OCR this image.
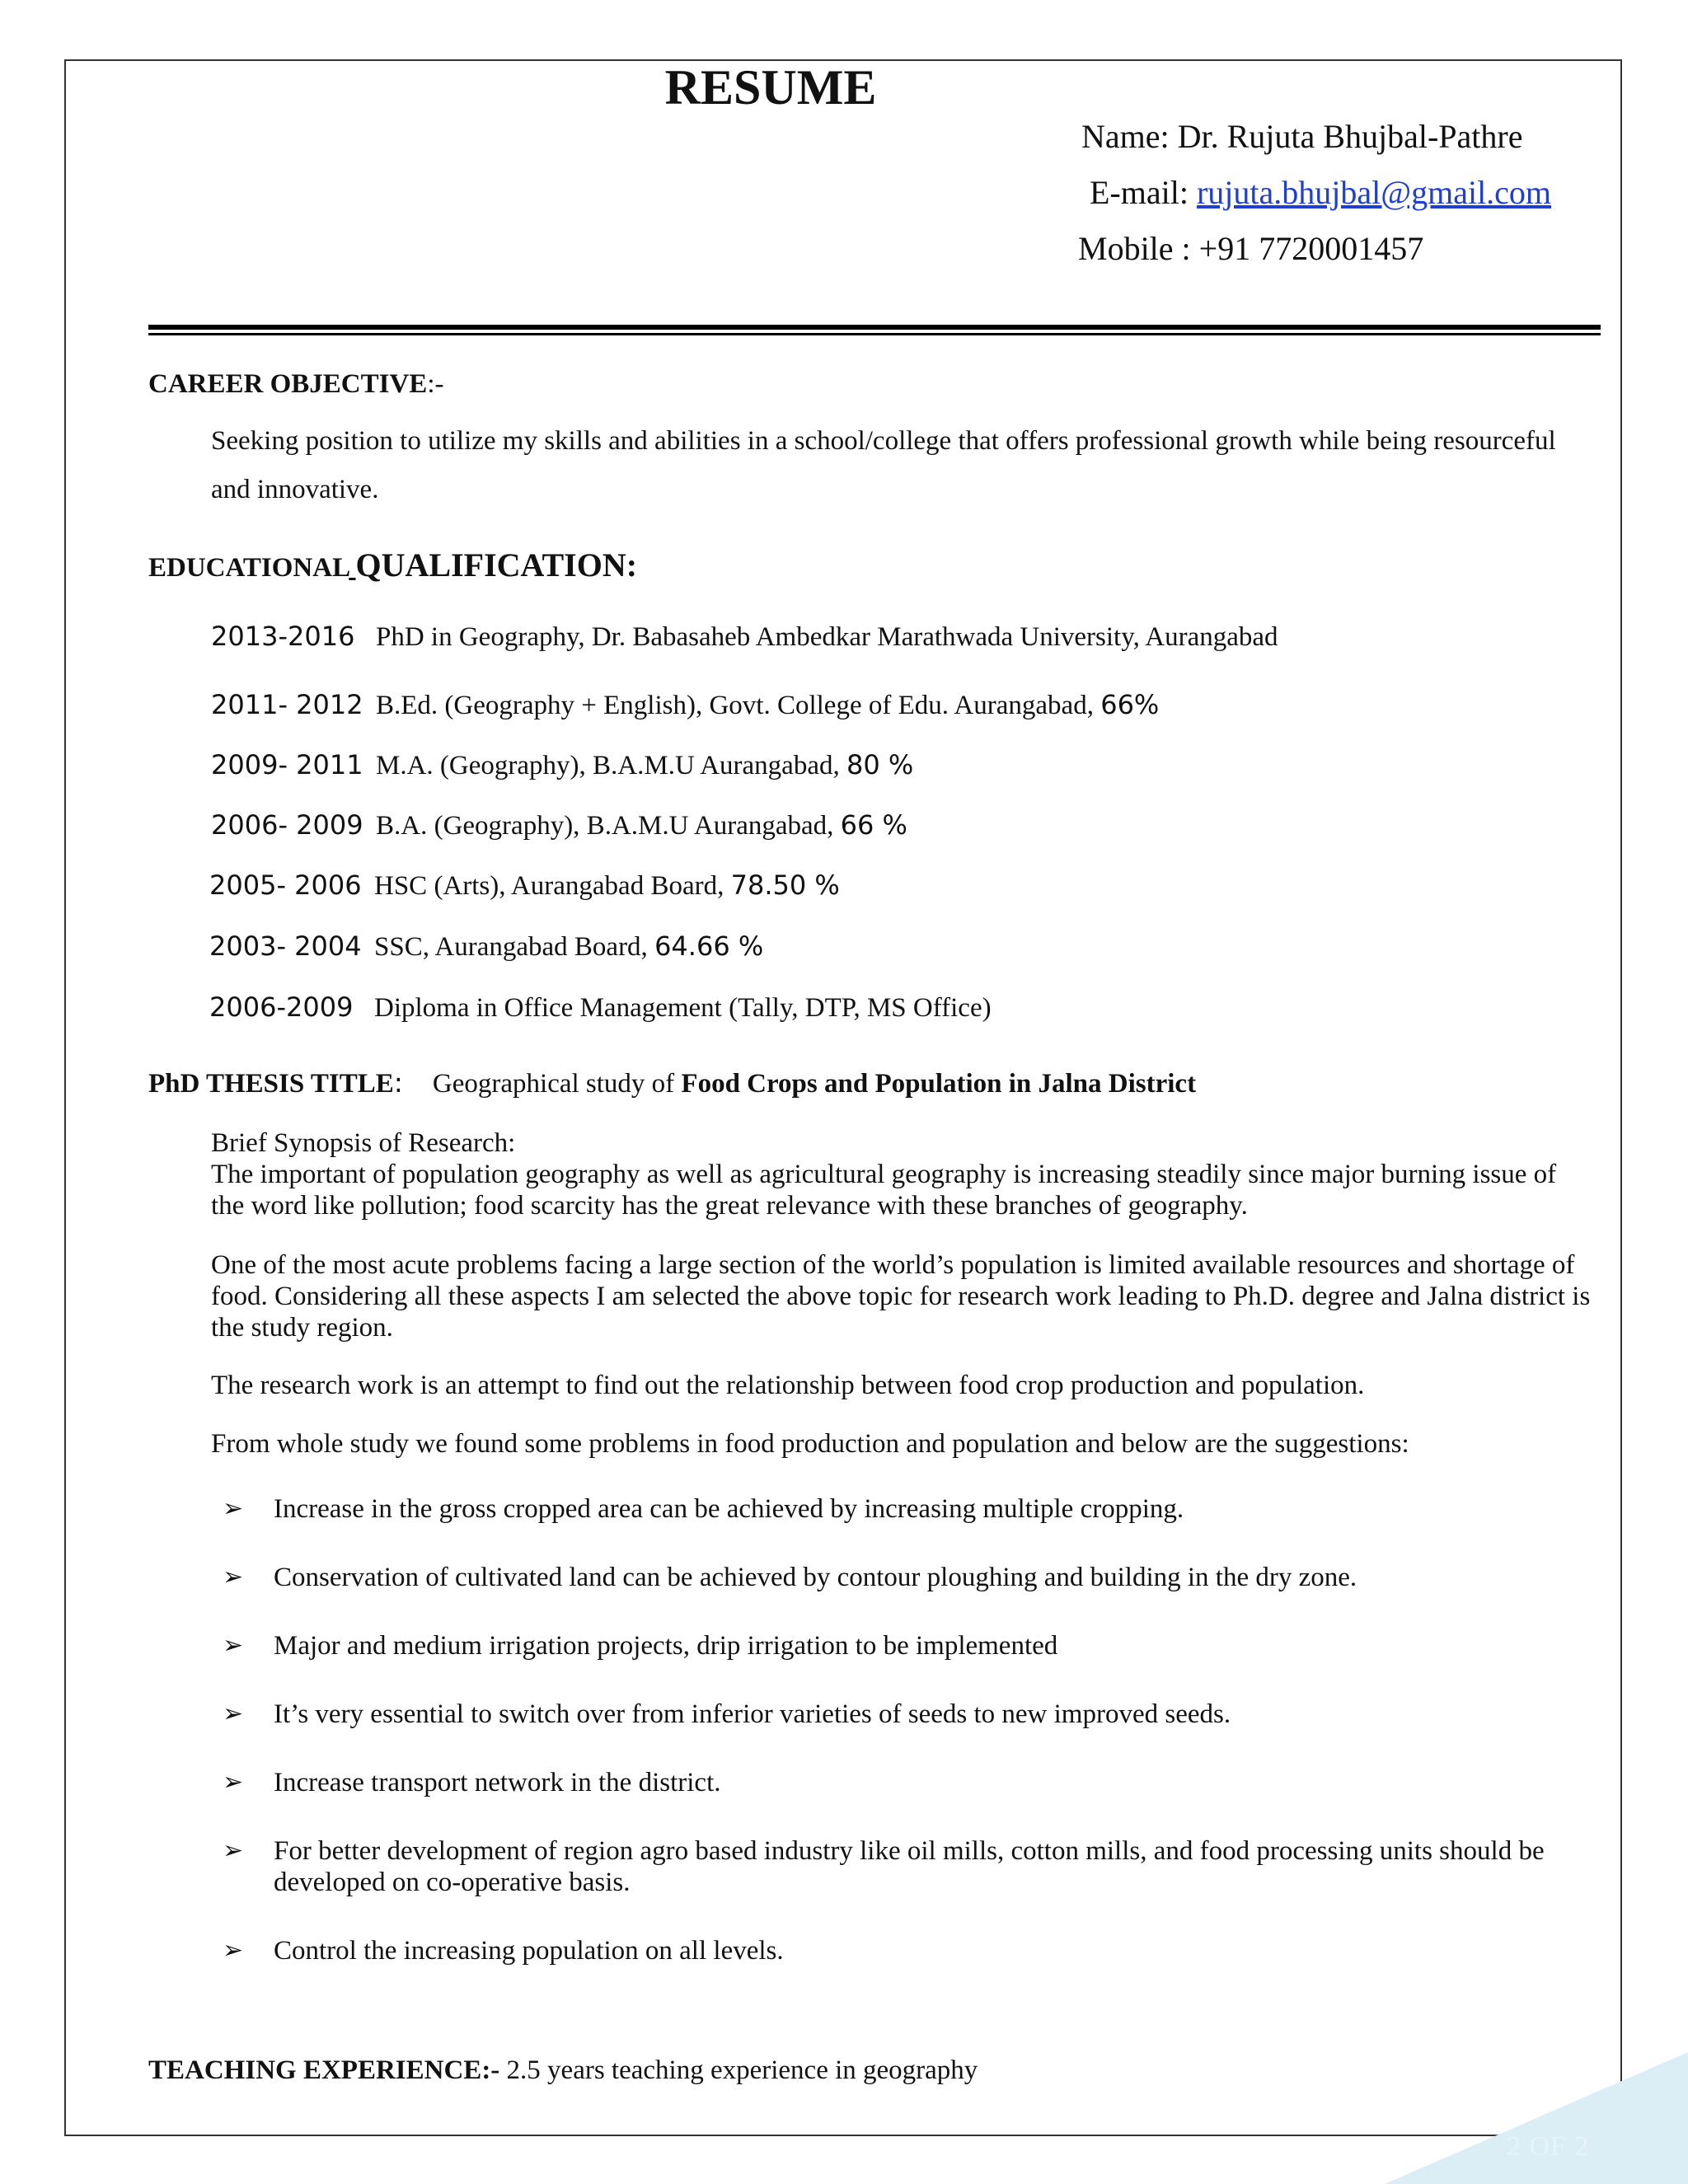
2 OF 2
RESUME
Name: Dr. Rujuta Bhujbal-Pathre
E-mail: rujuta.bhujbal@gmail.com
Mobile : +91 7720001457
CAREER OBJECTIVE:-
Seeking position to utilize my skills and abilities in a school/college that offers professional growth while being resourceful and innovative.
EDUCATIONAL QUALIFICATION:
2013-2016 PhD in Geography, Dr. Babasaheb Ambedkar Marathwada University, Aurangabad
2011- 2012 B.Ed. (Geography + English), Govt. College of Edu. Aurangabad, 66%
2009- 2011 M.A. (Geography), B.A.M.U Aurangabad, 80 %
2006- 2009 B.A. (Geography), B.A.M.U Aurangabad, 66 %
2005- 2006 HSC (Arts), Aurangabad Board, 78.50 %
2003- 2004 SSC, Aurangabad Board, 64.66 %
2006-2009 Diploma in Office Management (Tally, DTP, MS Office)
PhD THESIS TITLE: Geographical study of Food Crops and Population in Jalna District
Brief Synopsis of Research:
The important of population geography as well as agricultural geography is increasing steadily since major burning issue of the word like pollution; food scarcity has the great relevance with these branches of geography.
One of the most acute problems facing a large section of the world’s population is limited available resources and shortage of food. Considering all these aspects I am selected the above topic for research work leading to Ph.D. degree and Jalna district is the study region.
The research work is an attempt to find out the relationship between food crop production and population.
From whole study we found some problems in food production and population and below are the suggestions:
➢ Increase in the gross cropped area can be achieved by increasing multiple cropping.
➢ Conservation of cultivated land can be achieved by contour ploughing and building in the dry zone.
➢ Major and medium irrigation projects, drip irrigation to be implemented
➢ It’s very essential to switch over from inferior varieties of seeds to new improved seeds.
➢ Increase transport network in the district.
➢ For better development of region agro based industry like oil mills, cotton mills, and food processing units should be developed on co-operative basis.
➢ Control the increasing population on all levels.
TEACHING EXPERIENCE:- 2.5 years teaching experience in geography
